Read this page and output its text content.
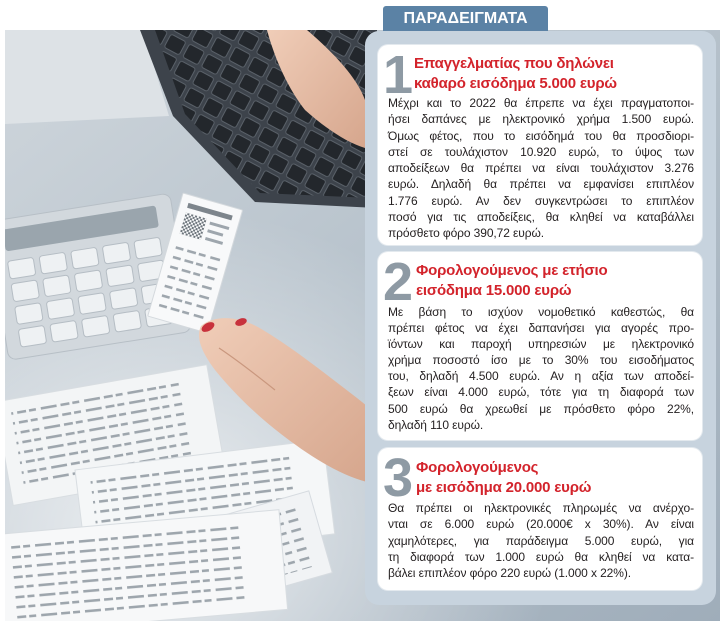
ΠΑΡΑΔΕΙΓΜΑΤΑ
1 Επαγγελματίας που δηλώνει
καθαρό εισόδημα 5.000 ευρώ
Μέχρι και το 2022 θα έπρεπε να έχει πραγματοποι-
ήσει δαπάνες με ηλεκτρονικό χρήμα 1.500 ευρώ.
Όμως φέτος, που το εισόδημά του θα προσδιορι-
στεί σε τουλάχιστον 10.920 ευρώ, το ύψος των
αποδείξεων θα πρέπει να είναι τουλάχιστον 3.276
ευρώ. Δηλαδή θα πρέπει να εμφανίσει επιπλέον
1.776 ευρώ. Αν δεν συγκεντρώσει το επιπλέον
ποσό για τις αποδείξεις, θα κληθεί να καταβάλλει
πρόσθετο φόρο 390,72 ευρώ.
2 Φορολογούμενος με ετήσιο
εισόδημα 15.000 ευρώ
Με βάση το ισχύον νομοθετικό καθεστώς, θα
πρέπει φέτος να έχει δαπανήσει για αγορές προ-
ϊόντων και παροχή υπηρεσιών με ηλεκτρονικό
χρήμα ποσοστό ίσο με το 30% του εισοδήματος
του, δηλαδή 4.500 ευρώ. Αν η αξία των αποδεί-
ξεων είναι 4.000 ευρώ, τότε για τη διαφορά των
500 ευρώ θα χρεωθεί με πρόσθετο φόρο 22%,
δηλαδή 110 ευρώ.
3 Φορολογούμενος
με εισόδημα 20.000 ευρώ
Θα πρέπει οι ηλεκτρονικές πληρωμές να ανέρχο-
νται σε 6.000 ευρώ (20.000€ x 30%). Αν είναι
χαμηλότερες, για παράδειγμα 5.000 ευρώ, για
τη διαφορά των 1.000 ευρώ θα κληθεί να κατα-
βάλει επιπλέον φόρο 220 ευρώ (1.000 x 22%).
